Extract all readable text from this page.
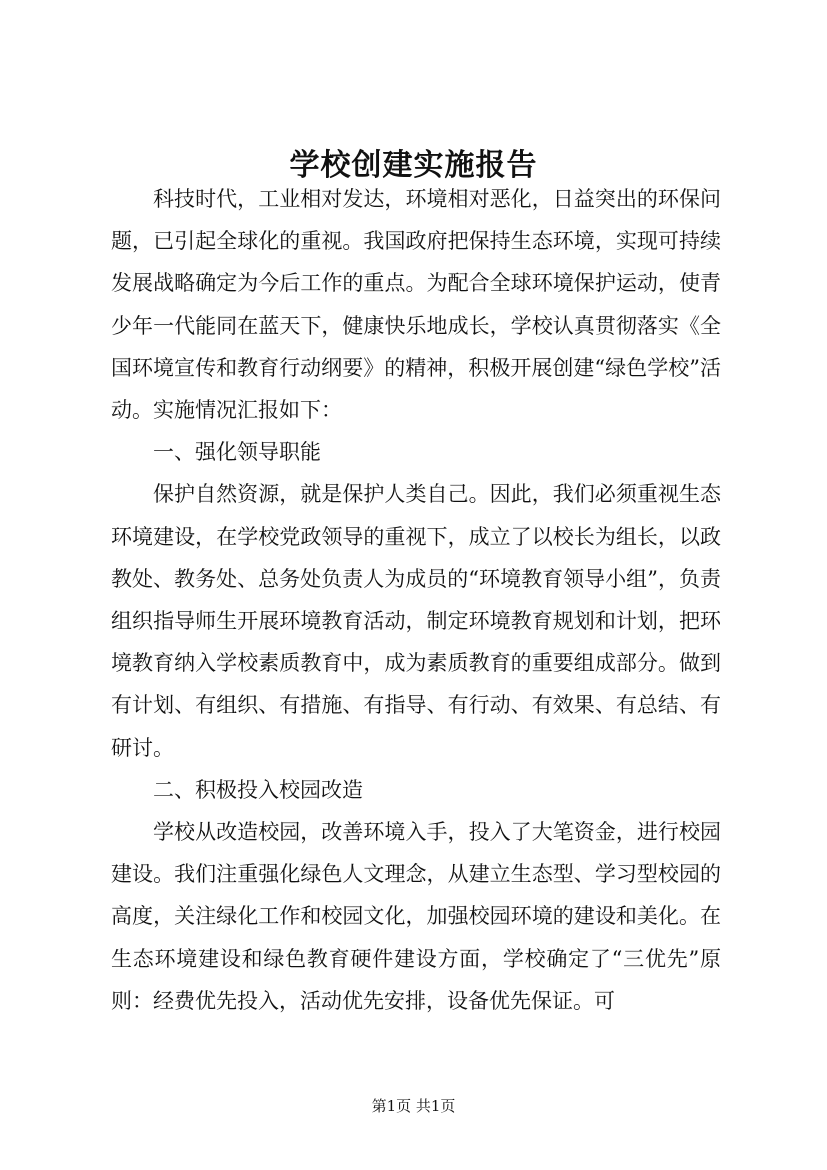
学校创建实施报告

科技时代，工业相对发达，环境相对恶化，日益突出的环保问题，已引起全球化的重视。我国政府把保持生态环境，实现可持续发展战略确定为今后工作的重点。为配合全球环境保护运动，使青少年一代能同在蓝天下，健康快乐地成长，学校认真贯彻落实《全国环境宣传和教育行动纲要》的精神，积极开展创建“绿色学校”活动。实施情况汇报如下：

一、强化领导职能

保护自然资源，就是保护人类自己。因此，我们必须重视生态环境建设，在学校党政领导的重视下，成立了以校长为组长，以政教处、教务处、总务处负责人为成员的“环境教育领导小组”，负责组织指导师生开展环境教育活动，制定环境教育规划和计划，把环境教育纳入学校素质教育中，成为素质教育的重要组成部分。做到有计划、有组织、有措施、有指导、有行动、有效果、有总结、有研讨。

二、积极投入校园改造

学校从改造校园，改善环境入手，投入了大笔资金，进行校园建设。我们注重强化绿色人文理念，从建立生态型、学习型校园的高度，关注绿化工作和校园文化，加强校园环境的建设和美化。在生态环境建设和绿色教育硬件建设方面，学校确定了“三优先”原则：经费优先投入，活动优先安排，设备优先保证。可

第1页 共1页
